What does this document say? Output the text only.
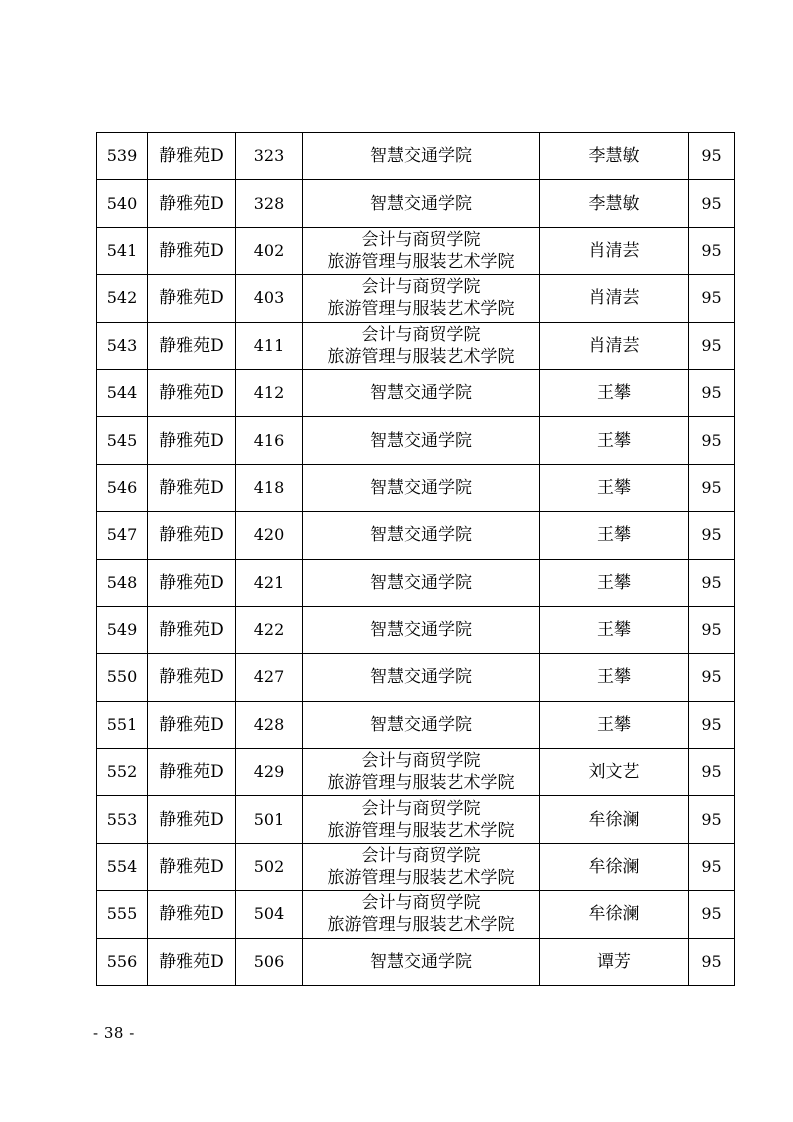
539	静雅苑D	323	智慧交通学院	李慧敏	95
540	静雅苑D	328	智慧交通学院	李慧敏	95
541	静雅苑D	402	会计与商贸学院
旅游管理与服装艺术学院	肖清芸	95
542	静雅苑D	403	会计与商贸学院
旅游管理与服装艺术学院	肖清芸	95
543	静雅苑D	411	会计与商贸学院
旅游管理与服装艺术学院	肖清芸	95
544	静雅苑D	412	智慧交通学院	王攀	95
545	静雅苑D	416	智慧交通学院	王攀	95
546	静雅苑D	418	智慧交通学院	王攀	95
547	静雅苑D	420	智慧交通学院	王攀	95
548	静雅苑D	421	智慧交通学院	王攀	95
549	静雅苑D	422	智慧交通学院	王攀	95
550	静雅苑D	427	智慧交通学院	王攀	95
551	静雅苑D	428	智慧交通学院	王攀	95
552	静雅苑D	429	会计与商贸学院
旅游管理与服装艺术学院	刘文艺	95
553	静雅苑D	501	会计与商贸学院
旅游管理与服装艺术学院	牟徐澜	95
554	静雅苑D	502	会计与商贸学院
旅游管理与服装艺术学院	牟徐澜	95
555	静雅苑D	504	会计与商贸学院
旅游管理与服装艺术学院	牟徐澜	95
556	静雅苑D	506	智慧交通学院	谭芳	95
- 38 -
